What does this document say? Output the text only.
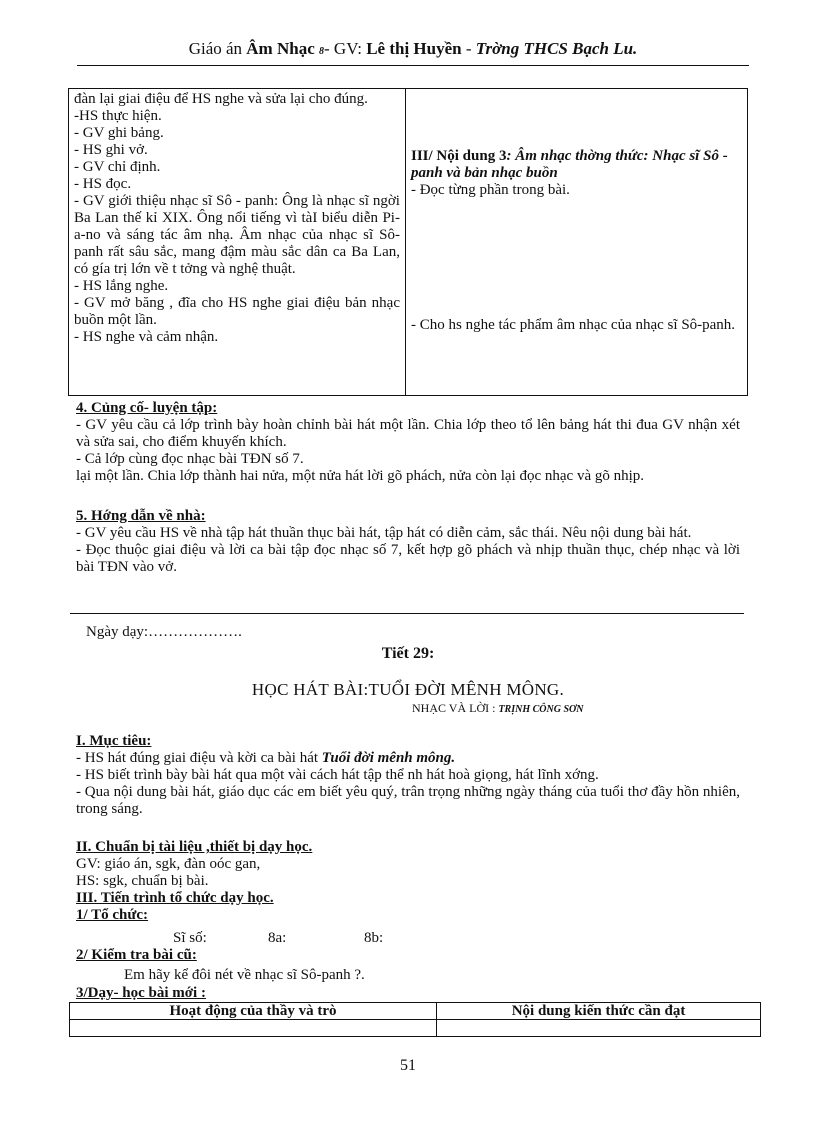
Giáo án Âm Nhạc 8- GV: Lê thị Huyền - Trờng THCS Bạch Lu.
đàn lại giai điệu để HS nghe và sửa lại cho đúng.
-HS thực hiện.
- GV ghi bảng.
- HS ghi vở.
- GV chỉ định.
- HS đọc.
- GV giới thiệu nhạc sĩ Sô - panh: Ông là nhạc sĩ ngời Ba Lan thế kỉ XIX. Ông nổi tiếng vì tàI biểu diễn Pi-a-no và sáng tác âm nhạ. Âm nhạc của nhạc sĩ Sô-panh rất sâu sắc, mang đậm màu sắc dân ca Ba Lan, có gía trị lớn về t tởng và nghệ thuật.
- HS lắng nghe.
- GV mở băng , đĩa cho HS nghe giai điệu bản nhạc buồn một lần.
- HS nghe và cảm nhận.

III/ Nội dung 3: Âm nhạc thờng thức: Nhạc sĩ Sô - panh và bản nhạc buồn
- Đọc từng phần trong bài.
- Cho hs nghe tác phẩm âm nhạc của nhạc sĩ Sô-panh.
4. Củng cố- luyện tập:
- GV yêu cầu cả lớp trình bày hoàn chỉnh bài hát một lần. Chia lớp theo tổ lên bảng hát thi đua GV nhận xét và sửa sai, cho điểm khuyến khích.
- Cả lớp cùng đọc nhạc bài TĐN số 7.
lại một lần. Chia lớp thành hai nửa, một nửa hát lời gõ phách, nửa còn lại đọc nhạc và gõ nhịp.
5. Hớng dẫn về nhà:
- GV yêu cầu HS về nhà tập hát thuần thục bài hát, tập hát có diễn cảm, sắc thái. Nêu nội dung bài hát.
- Đọc thuộc giai điệu và lời ca bài tập đọc nhạc số 7, kết hợp gõ phách và nhịp thuần thục, chép nhạc và lời bài TĐN vào vở.
Ngày dạy:……………….
Tiết 29:
HỌC HÁT BÀI:TUỔI ĐỜI MÊNH MÔNG.
NHẠC VÀ LỜI : TRỊNH CÔNG SƠN
I. Mục tiêu:
- HS hát đúng giai điệu và kời ca bài hát Tuổi đời mênh mông.
- HS biết trình bày bài hát qua một vài cách hát tập thể nh hát hoà giọng, hát lĩnh xớng.
- Qua nội dung bài hát, giáo dục các em biết yêu quý, trân trọng những ngày tháng của tuổi thơ đầy hồn nhiên, trong sáng.
II. Chuẩn bị tài liệu ,thiết bị dạy học.
GV: giáo án, sgk, đàn oóc gan,
HS: sgk, chuẩn bị bài.
III. Tiến trình tổ chức dạy học.
1/ Tổ chức:
Sĩ số:	8a:	8b:
2/ Kiểm tra bài cũ:
Em hãy kể đôi nét về nhạc sĩ Sô-panh ?.
3/Dạy- học bài mới :
Hoạt động của thầy và trò	Nội dung kiến thức cần đạt

51
